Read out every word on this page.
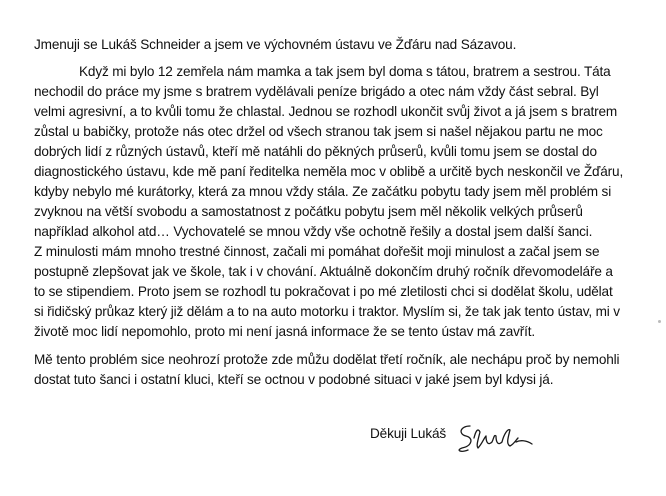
Jmenuji se Lukáš Schneider a jsem ve výchovném ústavu ve Žďáru nad Sázavou.
Když mi bylo 12 zemřela nám mamka a tak jsem byl doma s tátou, bratrem a sestrou. Táta
nechodil do práce my jsme s bratrem vydělávali peníze brigádo a otec nám vždy část sebral. Byl
velmi agresivní, a to kvůli tomu že chlastal. Jednou se rozhodl ukončit svůj život a já jsem s bratrem
zůstal u babičky, protože nás otec držel od všech stranou tak jsem si našel nějakou partu ne moc
dobrých lidí z různých ústavů, kteří mě natáhli do pěkných průserů, kvůli tomu jsem se dostal do
diagnostického ústavu, kde mě paní ředitelka neměla moc v oblibě a určitě bych neskončil ve Žďáru,
kdyby nebylo mé kurátorky, která za mnou vždy stála. Ze začátku pobytu tady jsem měl problém si
zvyknou na větší svobodu a samostatnost z počátku pobytu jsem měl několik velkých průserů
například alkohol atd… Vychovatelé se mnou vždy vše ochotně řešily a dostal jsem další šanci.
Z minulosti mám mnoho trestné činnost, začali mi pomáhat dořešit moji minulost a začal jsem se
postupně zlepšovat jak ve škole, tak i v chování. Aktuálně dokončím druhý ročník dřevomodeláře a
to se stipendiem. Proto jsem se rozhodl tu pokračovat i po mé zletilosti chci si dodělat školu, udělat
si řidičský průkaz který již dělám a to na auto motorku i traktor. Myslím si, že tak jak tento ústav, mi v
životě moc lidí nepomohlo, proto mi není jasná informace že se tento ústav má zavřít.
Mě tento problém sice neohrozí protože zde můžu dodělat třetí ročník, ale nechápu proč by nemohli
dostat tuto šanci i ostatní kluci, kteří se octnou v podobné situaci v jaké jsem byl kdysi já.
Děkuji Lukáš
